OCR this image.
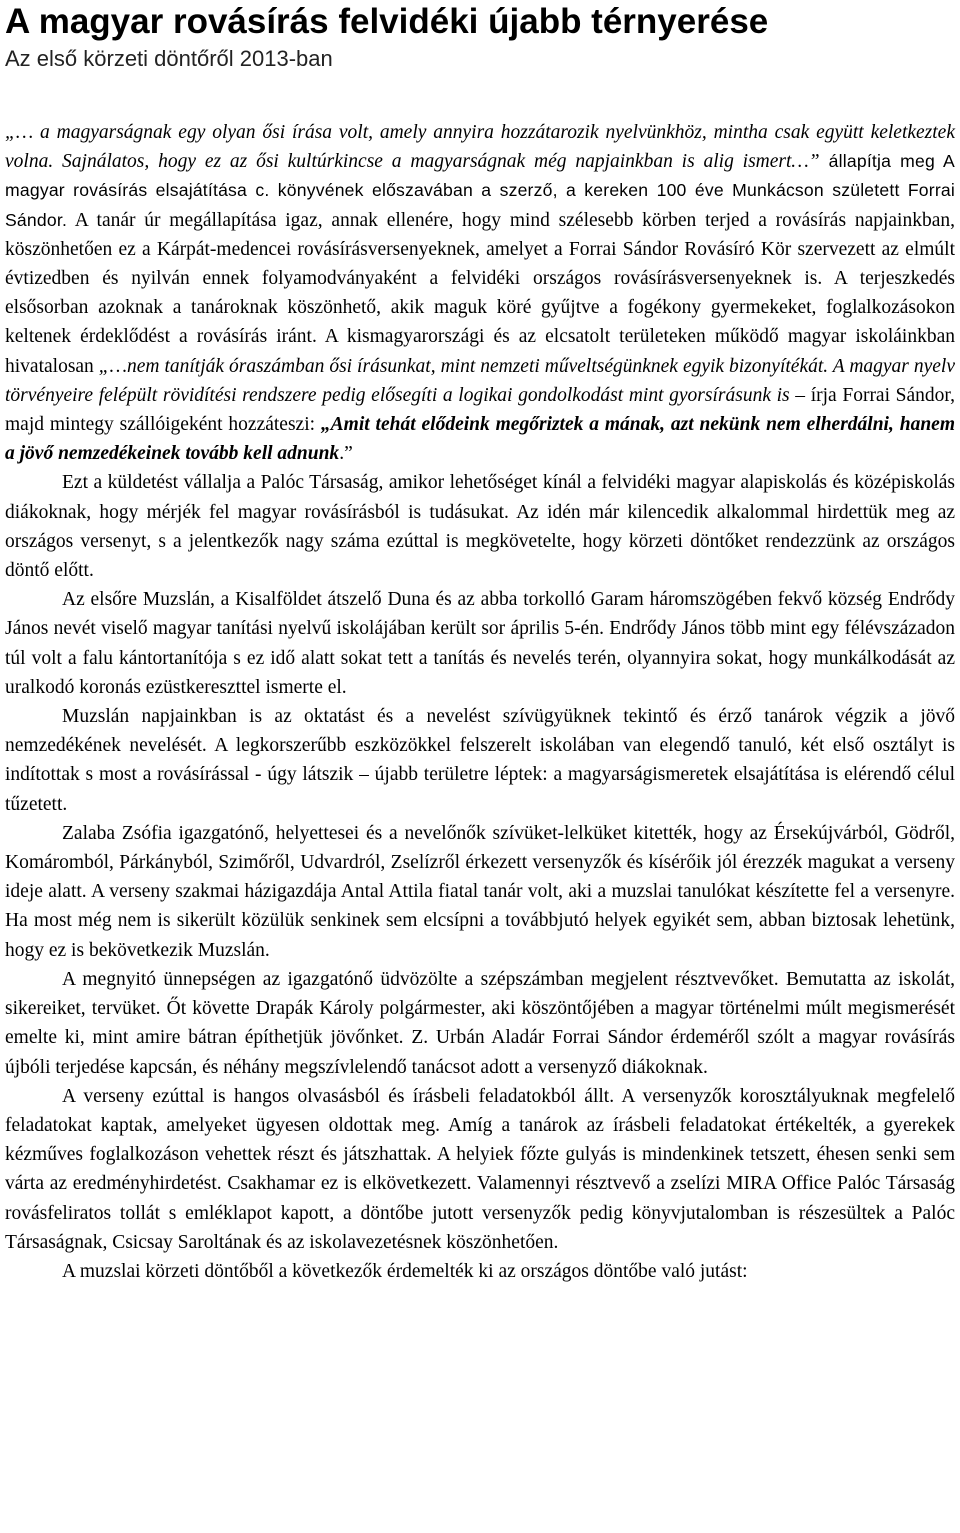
A magyar rovásírás felvidéki újabb térnyerése
Az első körzeti döntőről 2013-ban

„… a magyarságnak egy olyan ősi írása volt, amely annyira hozzátarozik nyelvünkhöz, mintha csak együtt keletkeztek volna. Sajnálatos, hogy ez az ősi kultúrkincse a magyarságnak még napjainkban is alig ismert…” állapítja meg A magyar rovásírás elsajátítása c. könyvének előszavában a szerző, a kereken 100 éve Munkácson született Forrai Sándor. A tanár úr megállapítása igaz, annak ellenére, hogy mind szélesebb körben terjed a rovásírás napjainkban, köszönhetően ez a Kárpát-medencei rovásírásversenyeknek, amelyet a Forrai Sándor Rovásíró Kör szervezett az elmúlt évtizedben és nyilván ennek folyamodványaként a felvidéki országos rovásírásversenyeknek is. A terjeszkedés elsősorban azoknak a tanároknak köszönhető, akik maguk köré gyűjtve a fogékony gyermekeket, foglalkozásokon keltenek érdeklődést a rovásírás iránt. A kismagyarországi és az elcsatolt területeken működő magyar iskoláinkban hivatalosan „…nem tanítják óraszámban ősi írásunkat, mint nemzeti műveltségünknek egyik bizonyítékát. A magyar nyelv törvényeire felépült rövidítési rendszere pedig elősegíti a logikai gondolkodást mint gyorsírásunk is – írja Forrai Sándor, majd mintegy szállóigeként hozzáteszi: „Amit tehát elődeink megőriztek a mának, azt nekünk nem elherdálni, hanem a jövő nemzedékeinek tovább kell adnunk.”

Ezt a küldetést vállalja a Palóc Társaság, amikor lehetőséget kínál a felvidéki magyar alapiskolás és középiskolás diákoknak, hogy mérjék fel magyar rovásírásból is tudásukat. Az idén már kilencedik alkalommal hirdettük meg az országos versenyt, s a jelentkezők nagy száma ezúttal is megkövetelte, hogy körzeti döntőket rendezzünk az országos döntő előtt.

Az elsőre Muzslán, a Kisalföldet átszelő Duna és az abba torkolló Garam háromszögében fekvő község Endrődy János nevét viselő magyar tanítási nyelvű iskolájában került sor április 5-én. Endrődy János több mint egy félévszázadon túl volt a falu kántortanítója s ez idő alatt sokat tett a tanítás és nevelés terén, olyannyira sokat, hogy munkálkodását az uralkodó koronás ezüstkereszttel ismerte el.

Muzslán napjainkban is az oktatást és a nevelést szívügyüknek tekintő és érző tanárok végzik a jövő nemzedékének nevelését. A legkorszerűbb eszközökkel felszerelt iskolában van elegendő tanuló, két első osztályt is indítottak s most a rovásírással - úgy látszik – újabb területre léptek: a magyarságismeretek elsajátítása is elérendő célul tűzetett.

Zalaba Zsófia igazgatónő, helyettesei és a nevelőnők szívüket-lelküket kitették, hogy az Érsekújvárból, Gödről, Komáromból, Párkányból, Szimőről, Udvardról, Zselízről érkezett versenyzők és kísérőik jól érezzék magukat a verseny ideje alatt. A verseny szakmai házigazdája Antal Attila fiatal tanár volt, aki a muzslai tanulókat készítette fel a versenyre. Ha most még nem is sikerült közülük senkinek sem elcsípni a továbbjutó helyek egyikét sem, abban biztosak lehetünk, hogy ez is bekövetkezik Muzslán.

A megnyitó ünnepségen az igazgatónő üdvözölte a szépszámban megjelent résztvevőket. Bemutatta az iskolát, sikereiket, tervüket. Őt követte Drapák Károly polgármester, aki köszöntőjében a magyar történelmi múlt megismerését emelte ki, mint amire bátran építhetjük jövőnket. Z. Urbán Aladár Forrai Sándor érdeméről szólt a magyar rovásírás újbóli terjedése kapcsán, és néhány megszívlelendő tanácsot adott a versenyző diákoknak.

A verseny ezúttal is hangos olvasásból és írásbeli feladatokból állt. A versenyzők korosztályuknak megfelelő feladatokat kaptak, amelyeket ügyesen oldottak meg. Amíg a tanárok az írásbeli feladatokat értékelték, a gyerekek kézműves foglalkozáson vehettek részt és játszhattak. A helyiek főzte gulyás is mindenkinek tetszett, éhesen senki sem várta az eredményhirdetést. Csakhamar ez is elkövetkezett. Valamennyi résztvevő a zselízi MIRA Office Palóc Társaság rovásfeliratos tollát s emléklapot kapott, a döntőbe jutott versenyzők pedig könyvjutalomban is részesültek a Palóc Társaságnak, Csicsay Saroltának és az iskolavezetésnek köszönhetően.

A muzslai körzeti döntőből a következők érdemelték ki az országos döntőbe való jutást:
